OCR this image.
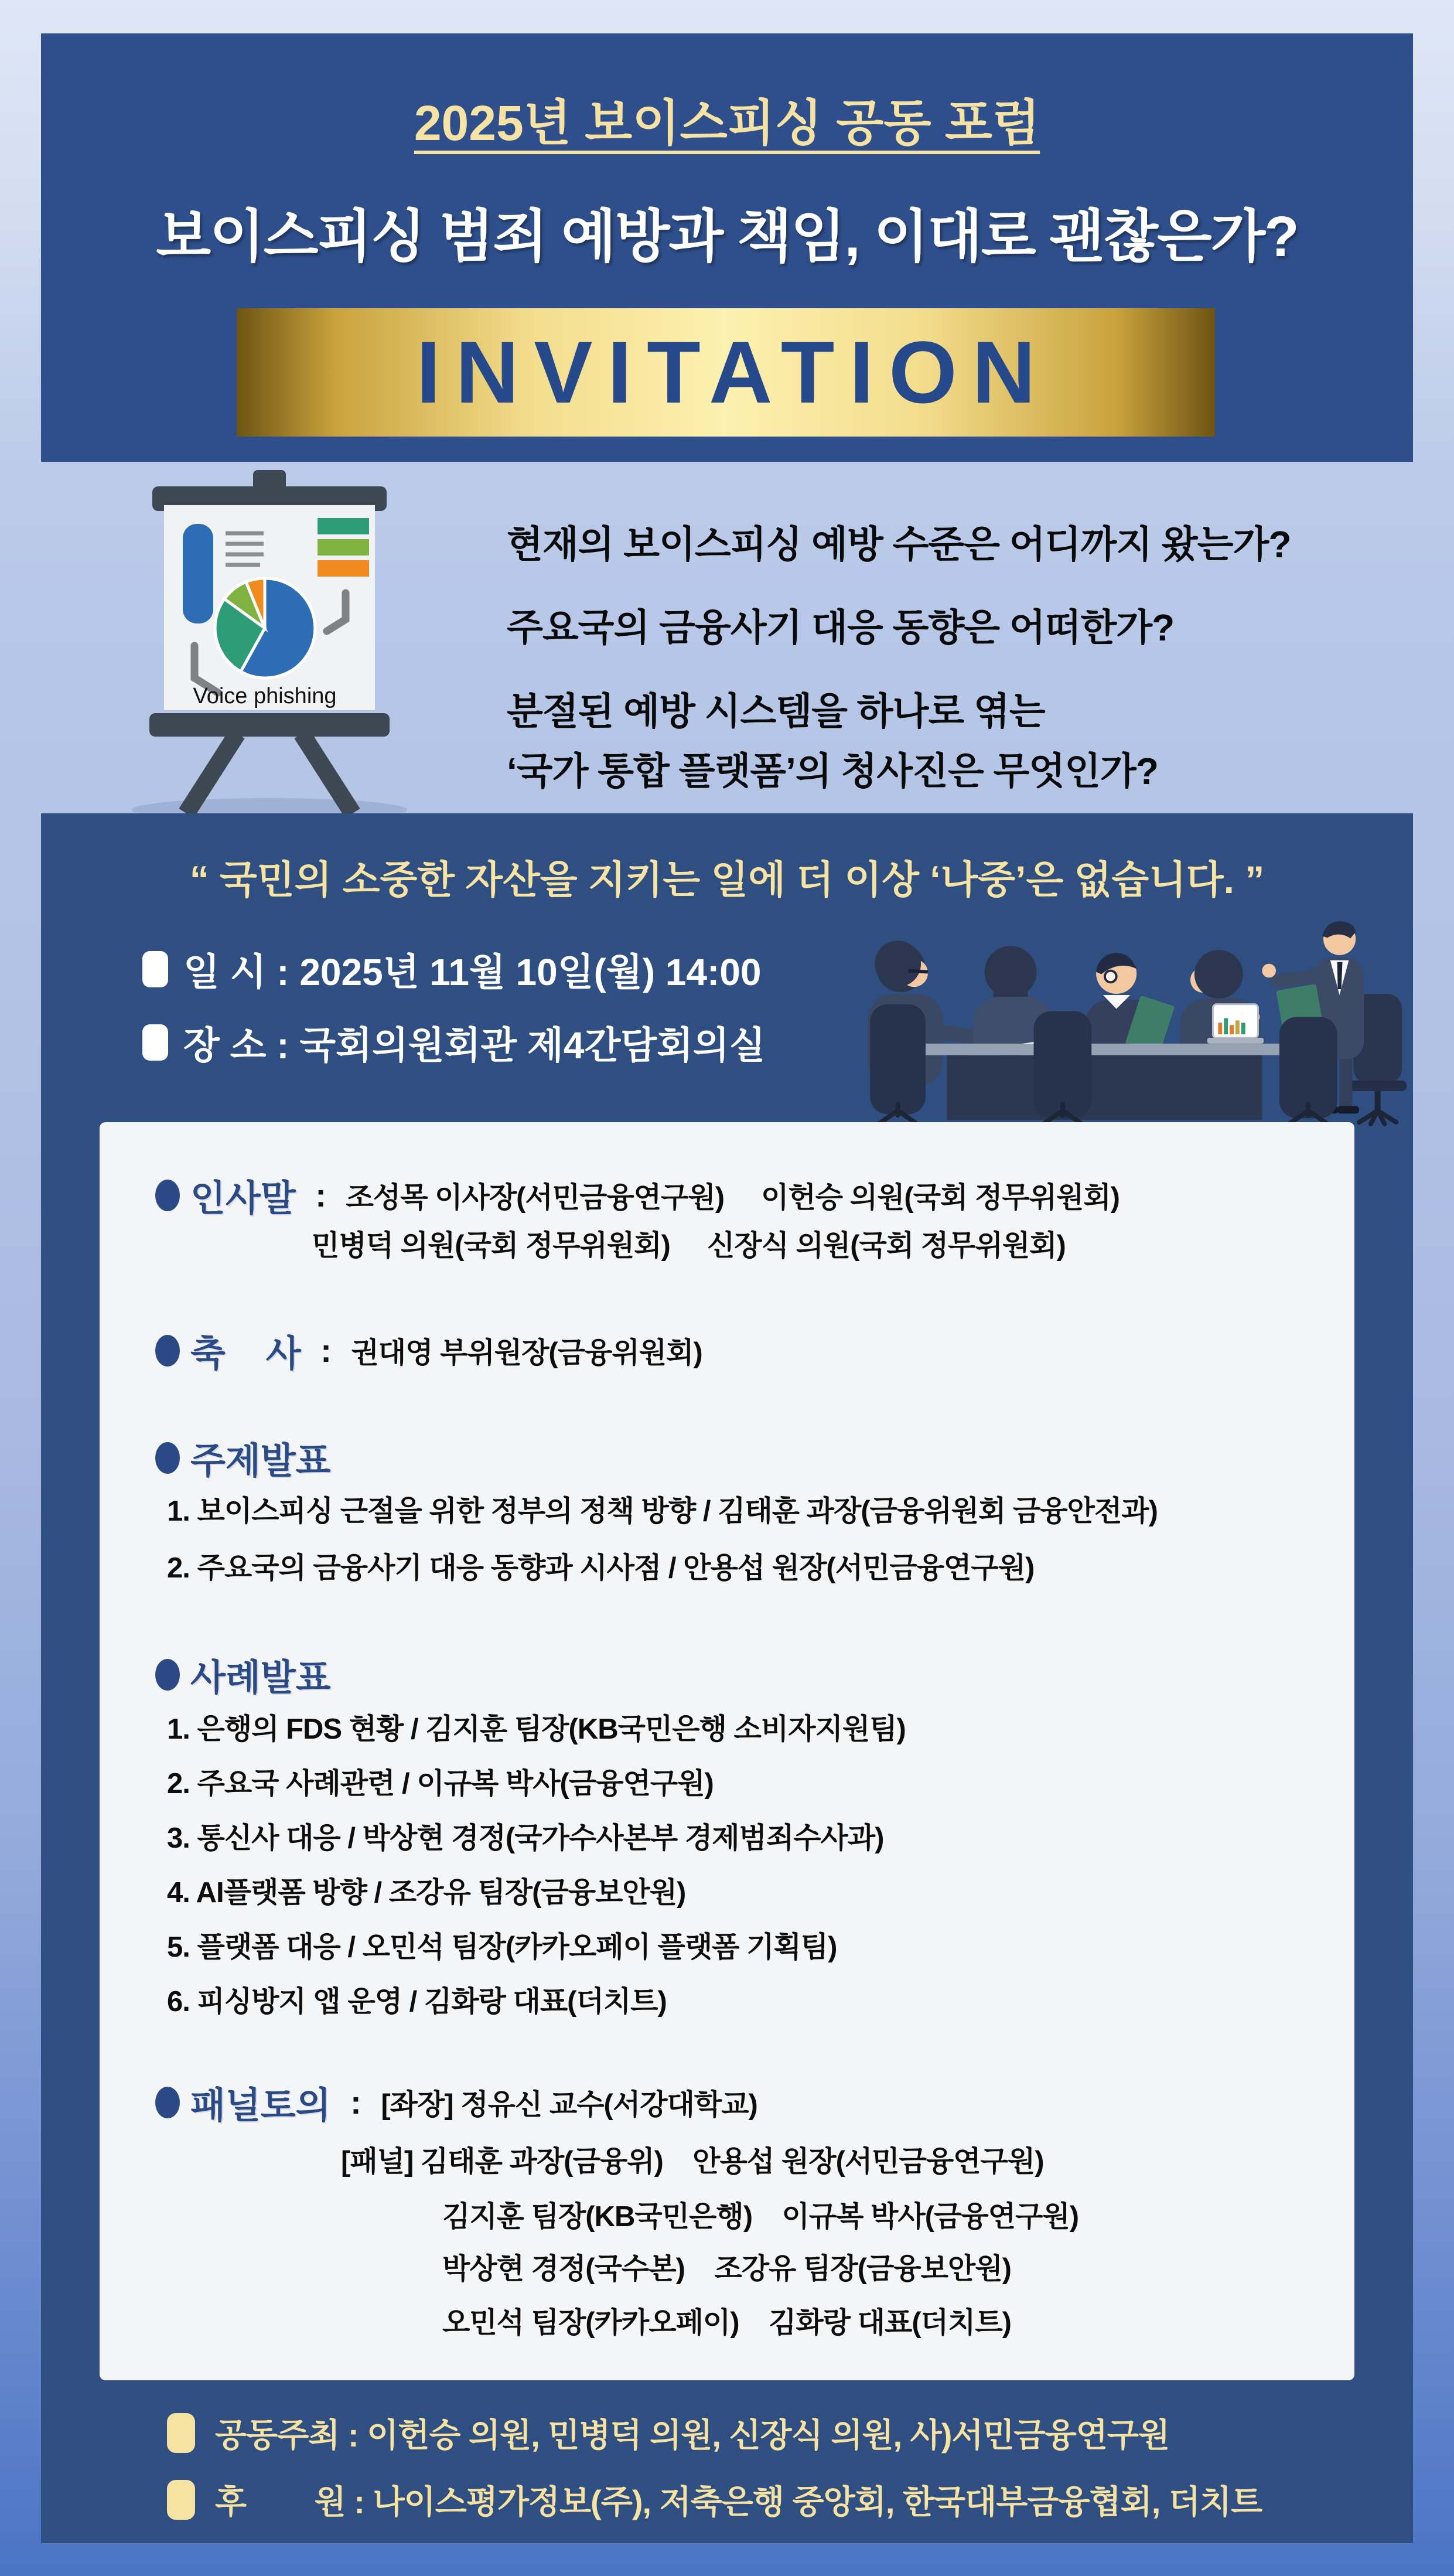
2025년 보이스피싱 공동 포럼
보이스피싱 범죄 예방과 책임, 이대로 괜찮은가?
INVITATION
Voice phishing
현재의 보이스피싱 예방 수준은 어디까지 왔는가?
주요국의 금융사기 대응 동향은 어떠한가?
분절된 예방 시스템을 하나로 엮는
‘국가 통합 플랫폼’의 청사진은 무엇인가?
“ 국민의 소중한 자산을 지키는 일에 더 이상 ‘나중’은 없습니다. ”
일 시 : 2025년 11월 10일(월) 14:00
장 소 : 국회의원회관 제4간담회의실
인사말 : 조성목 이사장(서민금융연구원)     이헌승 의원(국회 정무위원회)
민병덕 의원(국회 정무위원회)     신장식 의원(국회 정무위원회)
축    사 : 권대영 부위원장(금융위원회)
주제발표
1. 보이스피싱 근절을 위한 정부의 정책 방향 / 김태훈 과장(금융위원회 금융안전과)
2. 주요국의 금융사기 대응 동향과 시사점 / 안용섭 원장(서민금융연구원)
사례발표
1. 은행의 FDS 현황 / 김지훈 팀장(KB국민은행 소비자지원팀)
2. 주요국 사례관련 / 이규복 박사(금융연구원)
3. 통신사 대응 / 박상현 경정(국가수사본부 경제범죄수사과)
4. AI플랫폼 방향 / 조강유 팀장(금융보안원)
5. 플랫폼 대응 / 오민석 팀장(카카오페이 플랫폼 기획팀)
6. 피싱방지 앱 운영 / 김화랑 대표(더치트)
패널토의 : [좌장] 정유신 교수(서강대학교)
[패널] 김태훈 과장(금융위)    안용섭 원장(서민금융연구원)
김지훈 팀장(KB국민은행)    이규복 박사(금융연구원)
박상현 경정(국수본)    조강유 팀장(금융보안원)
오민석 팀장(카카오페이)    김화랑 대표(더치트)
공동주최 : 이헌승 의원, 민병덕 의원, 신장식 의원, 사)서민금융연구원
후        원 : 나이스평가정보(주), 저축은행 중앙회, 한국대부금융협회, 더치트
